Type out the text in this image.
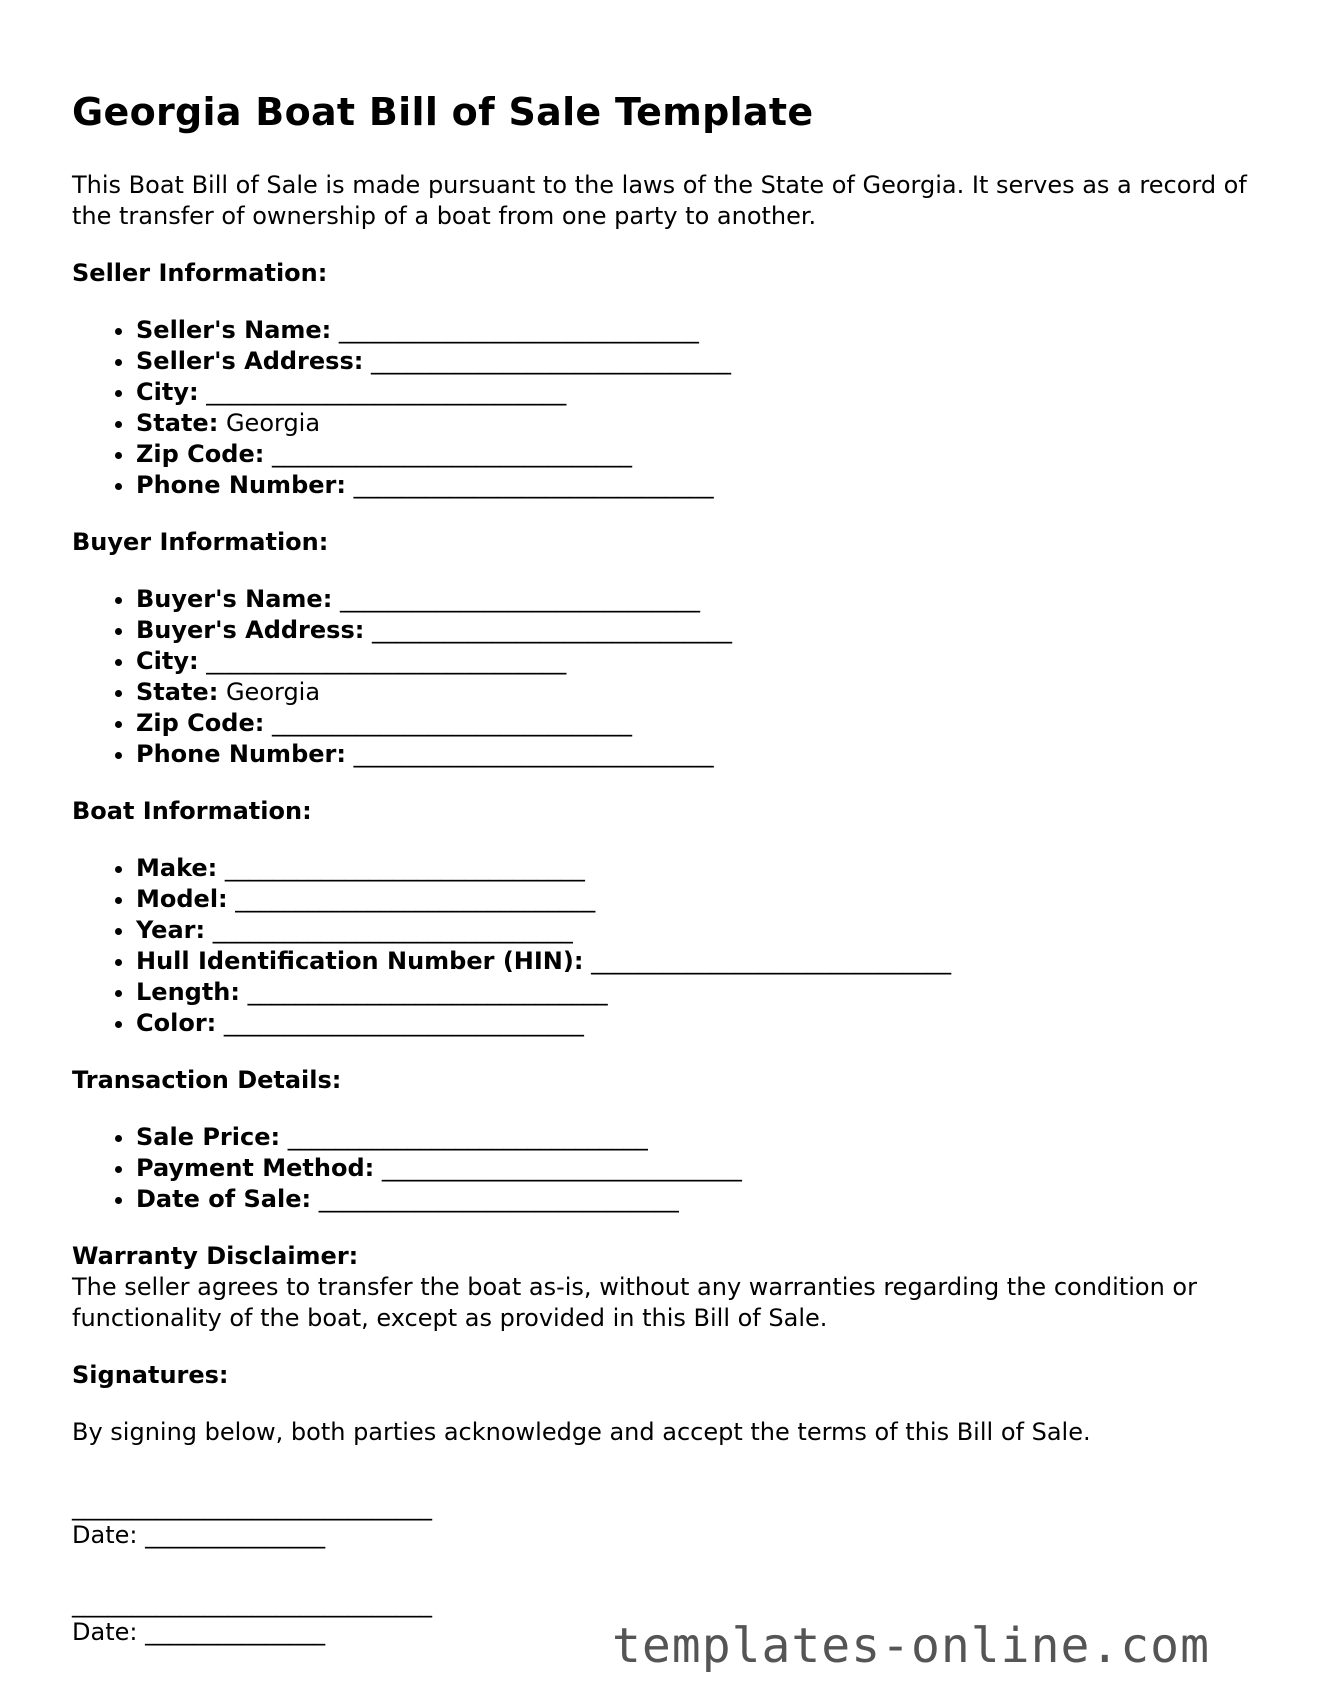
Georgia Boat Bill of Sale Template

This Boat Bill of Sale is made pursuant to the laws of the State of Georgia. It serves as a record of the transfer of ownership of a boat from one party to another.

Seller Information:
• Seller's Name: ______________________________
• Seller's Address: ______________________________
• City: ______________________________
• State: Georgia
• Zip Code: ______________________________
• Phone Number: ______________________________
Buyer Information:
• Buyer's Name: ______________________________
• Buyer's Address: ______________________________
• City: ______________________________
• State: Georgia
• Zip Code: ______________________________
• Phone Number: ______________________________
Boat Information:
• Make: ______________________________
• Model: ______________________________
• Year: ______________________________
• Hull Identification Number (HIN): ______________________________
• Length: ______________________________
• Color: ______________________________
Transaction Details:
• Sale Price: ______________________________
• Payment Method: ______________________________
• Date of Sale: ______________________________
Warranty Disclaimer:

The seller agrees to transfer the boat as-is, without any warranties regarding the condition or functionality of the boat, except as provided in this Bill of Sale.

Signatures:

By signing below, both parties acknowledge and accept the terms of this Bill of Sale.

______________________________
Date: _______________
______________________________
Date: _______________	templates-online.com
